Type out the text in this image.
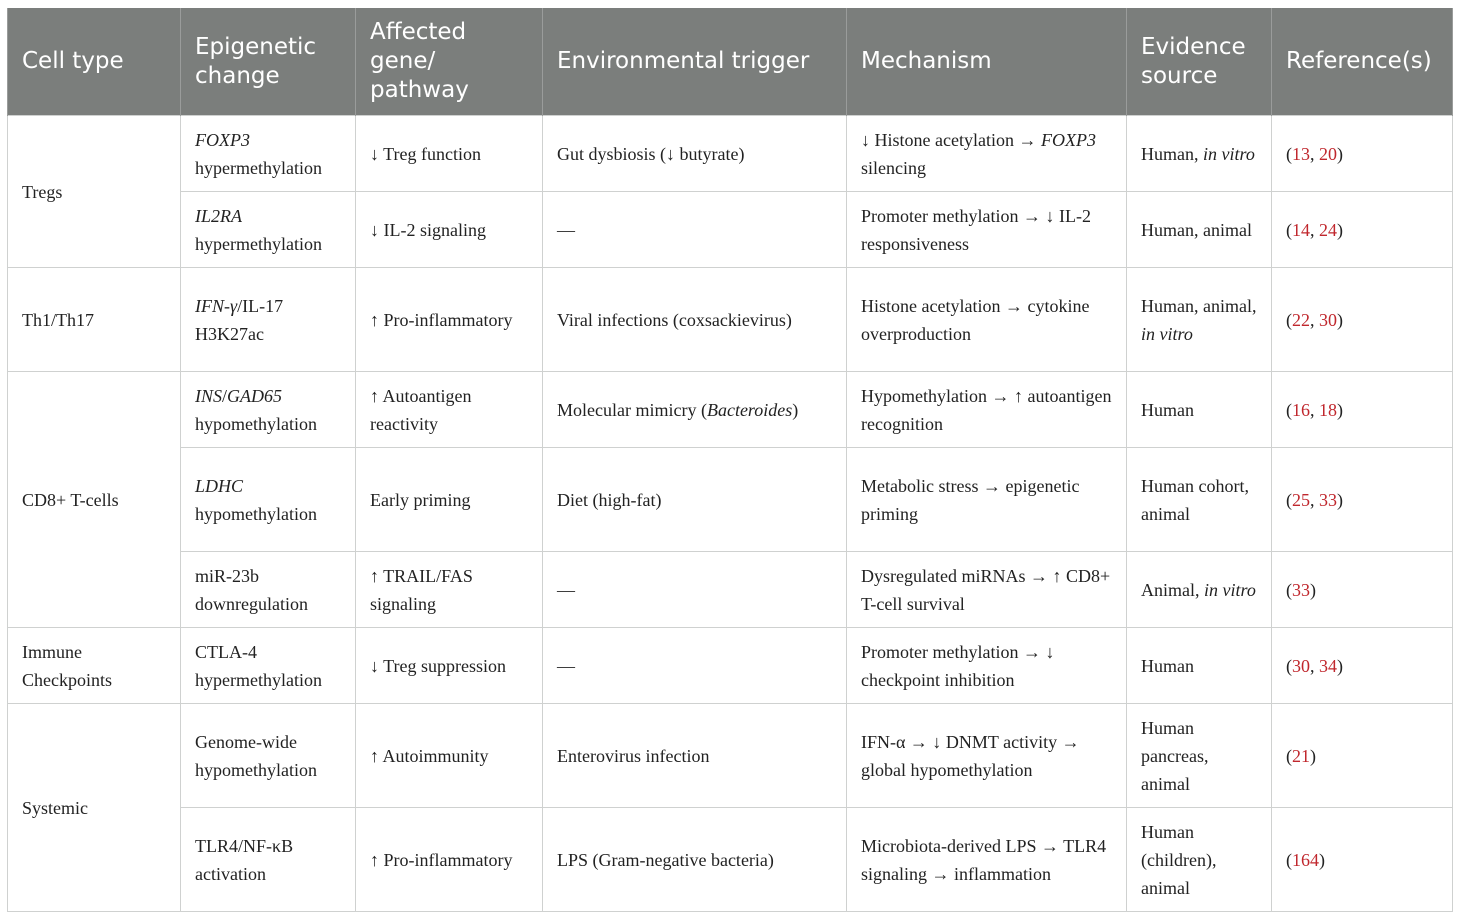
Cell type	Epigenetic change	Affected gene/ pathway	Environmental trigger	Mechanism	Evidence source	Reference(s)
Tregs	FOXP3 hypermethylation	↓ Treg function	Gut dysbiosis (↓ butyrate)	↓ Histone acetylation → FOXP3 silencing	Human, in vitro	(13, 20)
	IL2RA hypermethylation	↓ IL-2 signaling	—	Promoter methylation → ↓ IL-2 responsiveness	Human, animal	(14, 24)
Th1/Th17	IFN-γ/IL-17 H3K27ac	↑ Pro-inflammatory	Viral infections (coxsackievirus)	Histone acetylation → cytokine overproduction	Human, animal, in vitro	(22, 30)
CD8+ T-cells	INS/GAD65 hypomethylation	↑ Autoantigen reactivity	Molecular mimicry (Bacteroides)	Hypomethylation → ↑ autoantigen recognition	Human	(16, 18)
	LDHC hypomethylation	Early priming	Diet (high-fat)	Metabolic stress → epigenetic priming	Human cohort, animal	(25, 33)
	miR-23b downregulation	↑ TRAIL/FAS signaling	—	Dysregulated miRNAs → ↑ CD8+ T-cell survival	Animal, in vitro	(33)
Immune Checkpoints	CTLA-4 hypermethylation	↓ Treg suppression	—	Promoter methylation → ↓ checkpoint inhibition	Human	(30, 34)
Systemic	Genome-wide hypomethylation	↑ Autoimmunity	Enterovirus infection	IFN-α → ↓ DNMT activity → global hypomethylation	Human pancreas, animal	(21)
	TLR4/NF-κB activation	↑ Pro-inflammatory	LPS (Gram-negative bacteria)	Microbiota-derived LPS → TLR4 signaling → inflammation	Human (children), animal	(164)
